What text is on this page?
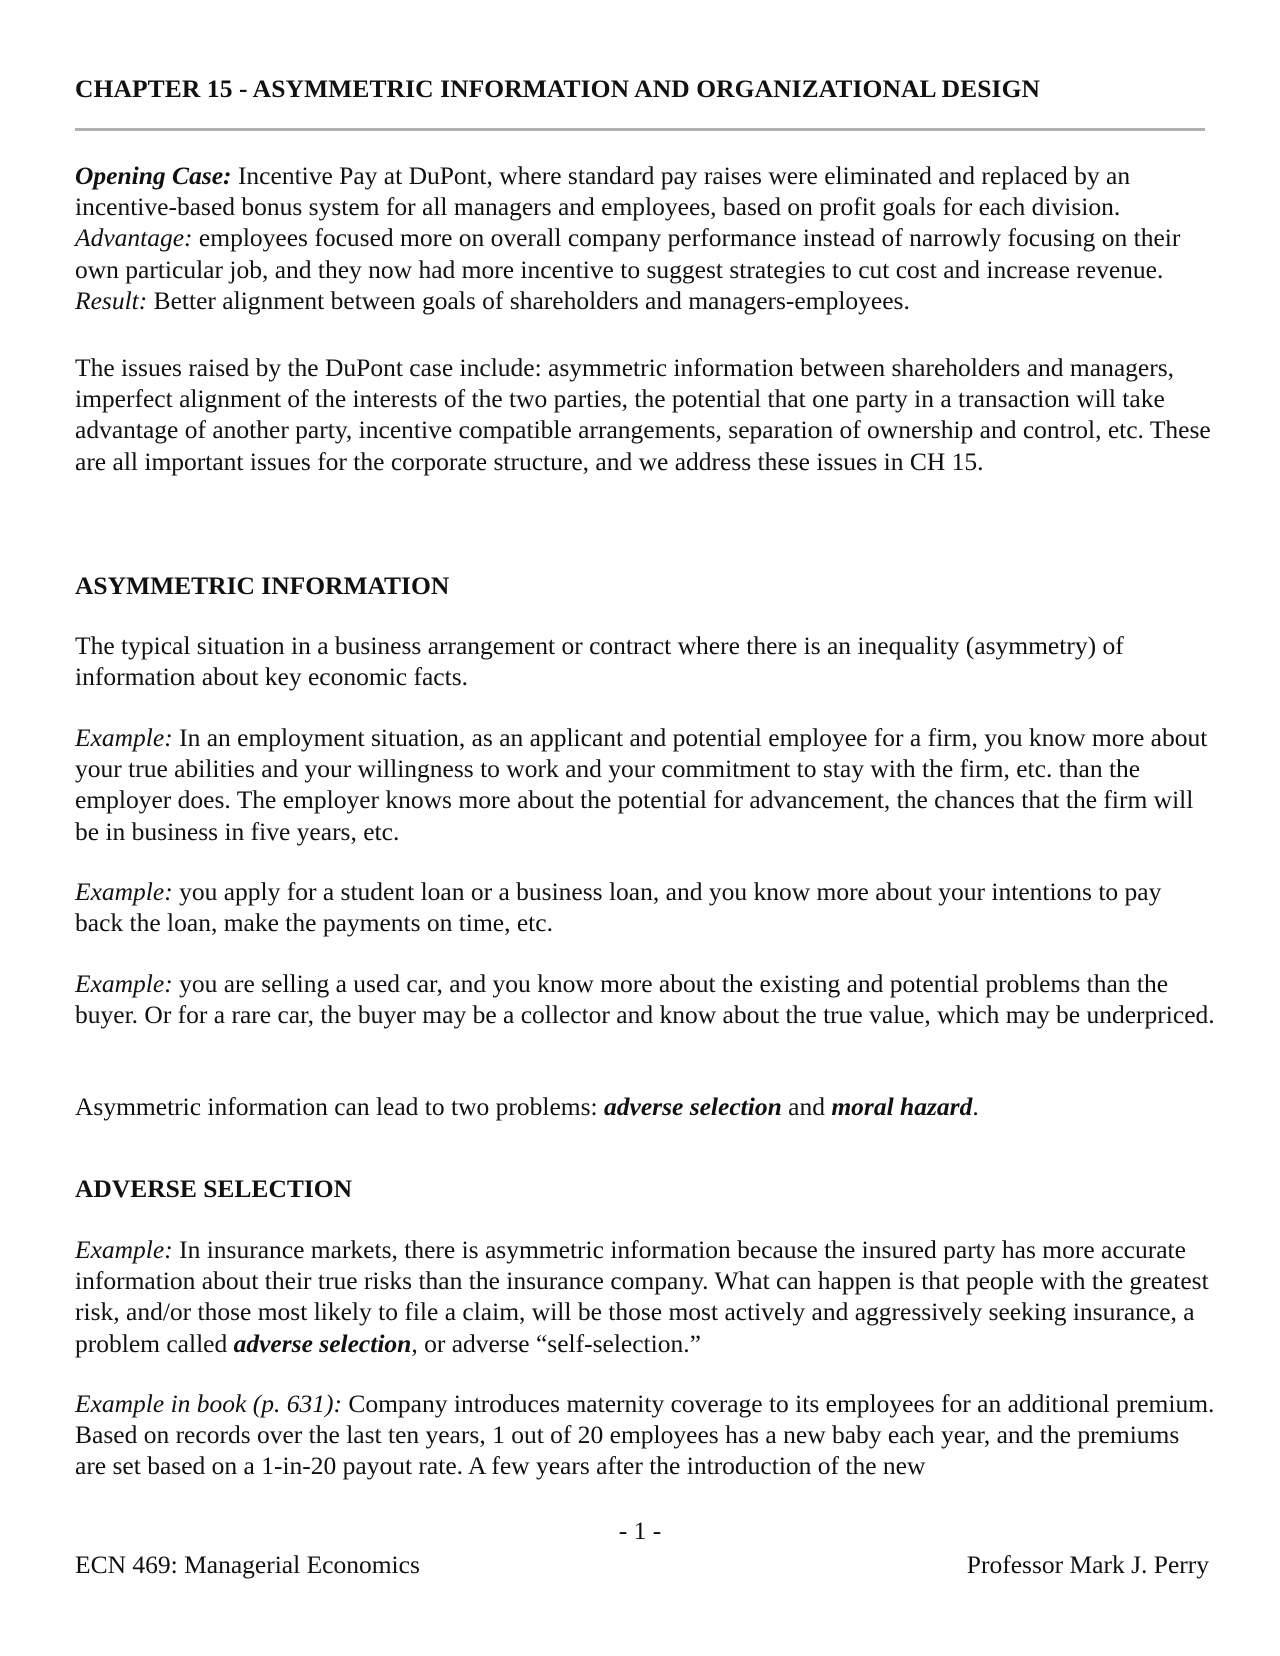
CHAPTER 15 - ASYMMETRIC INFORMATION AND ORGANIZATIONAL DESIGN

Opening Case: Incentive Pay at DuPont, where standard pay raises were eliminated and replaced by an incentive-based bonus system for all managers and employees, based on profit goals for each division. Advantage: employees focused more on overall company performance instead of narrowly focusing on their own particular job, and they now had more incentive to suggest strategies to cut cost and increase revenue. Result: Better alignment between goals of shareholders and managers-employees.

The issues raised by the DuPont case include: asymmetric information between shareholders and managers, imperfect alignment of the interests of the two parties, the potential that one party in a transaction will take advantage of another party, incentive compatible arrangements, separation of ownership and control, etc. These are all important issues for the corporate structure, and we address these issues in CH 15.

ASYMMETRIC INFORMATION

The typical situation in a business arrangement or contract where there is an inequality (asymmetry) of information about key economic facts.

Example: In an employment situation, as an applicant and potential employee for a firm, you know more about your true abilities and your willingness to work and your commitment to stay with the firm, etc. than the employer does. The employer knows more about the potential for advancement, the chances that the firm will be in business in five years, etc.

Example: you apply for a student loan or a business loan, and you know more about your intentions to pay back the loan, make the payments on time, etc.

Example: you are selling a used car, and you know more about the existing and potential problems than the buyer. Or for a rare car, the buyer may be a collector and know about the true value, which may be underpriced.

Asymmetric information can lead to two problems: adverse selection and moral hazard.

ADVERSE SELECTION

Example: In insurance markets, there is asymmetric information because the insured party has more accurate information about their true risks than the insurance company. What can happen is that people with the greatest risk, and/or those most likely to file a claim, will be those most actively and aggressively seeking insurance, a problem called adverse selection, or adverse “self-selection.”

Example in book (p. 631): Company introduces maternity coverage to its employees for an additional premium. Based on records over the last ten years, 1 out of 20 employees has a new baby each year, and the premiums are set based on a 1-in-20 payout rate. A few years after the introduction of the new

- 1 -
ECN 469: Managerial Economics	Professor Mark J. Perry
